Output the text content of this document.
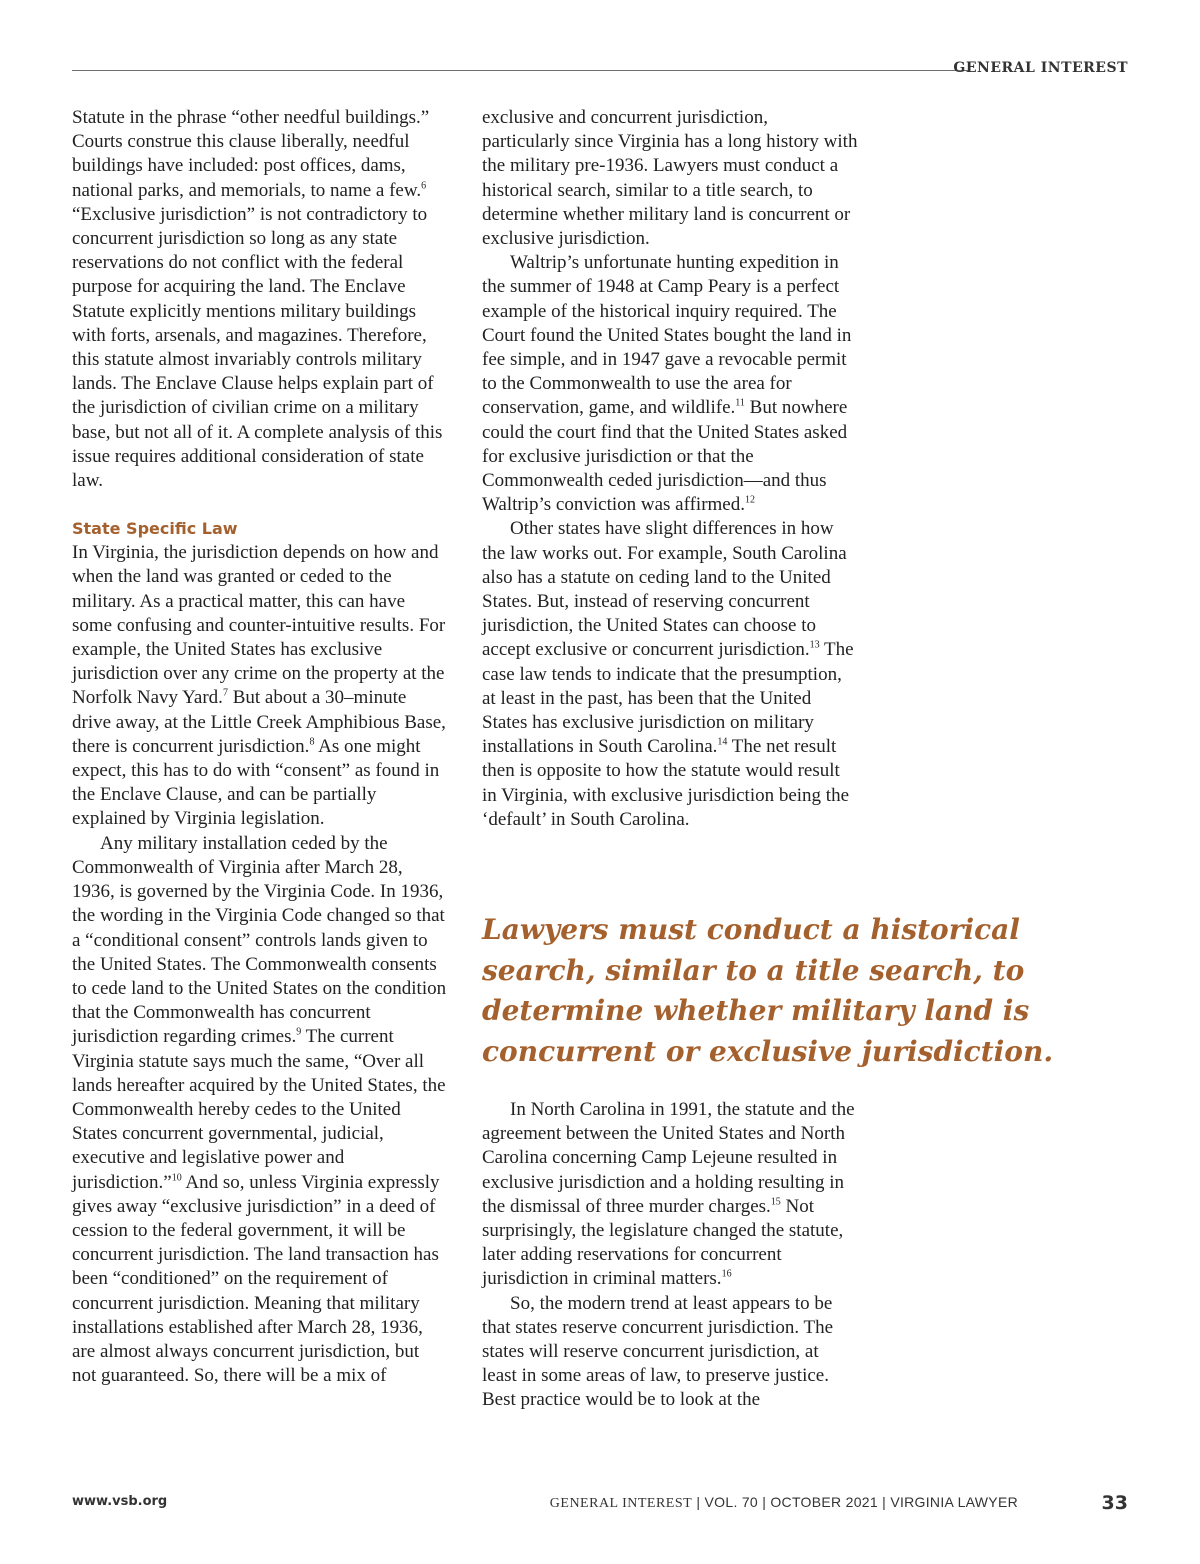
GENERAL INTEREST

Statute in the phrase “other needful buildings.” Courts construe this clause liberally, needful buildings have included: post offices, dams, national parks, and memorials, to name a few.$^6$ “Exclusive jurisdiction” is not contradictory to concurrent jurisdiction so long as any state reservations do not conflict with the federal purpose for acquiring the land. The Enclave Statute explicitly mentions military buildings with forts, arsenals, and magazines. Therefore, this statute almost invariably controls military lands. The Enclave Clause helps explain part of the jurisdiction of civilian crime on a military base, but not all of it. A complete analysis of this issue requires additional consideration of state law.

State Specific Law

In Virginia, the jurisdiction depends on how and when the land was granted or ceded to the military. As a practical matter, this can have some confusing and counter-intuitive results. For example, the United States has exclusive jurisdiction over any crime on the property at the Norfolk Navy Yard.$^7$ But about a 30–minute drive away, at the Little Creek Amphibious Base, there is concurrent jurisdiction.$^8$ As one might expect, this has to do with “consent” as found in the Enclave Clause, and can be partially explained by Virginia legislation.

Any military installation ceded by the Commonwealth of Virginia after March 28, 1936, is governed by the Virginia Code. In 1936, the wording in the Virginia Code changed so that a “conditional consent” controls lands given to the United States. The Commonwealth consents to cede land to the United States on the condition that the Commonwealth has concurrent jurisdiction regarding crimes.$^9$ The current Virginia statute says much the same, “Over all lands hereafter acquired by the United States, the Commonwealth hereby cedes to the United States concurrent governmental, judicial, executive and legislative power and jurisdiction.”$^{10}$ And so, unless Virginia expressly gives away “exclusive jurisdiction” in a deed of cession to the federal government, it will be concurrent jurisdiction. The land transaction has been “conditioned” on the requirement of concurrent jurisdiction. Meaning that military installations established after March 28, 1936, are almost always concurrent jurisdiction, but not guaranteed. So, there will be a mix of

exclusive and concurrent jurisdiction, particularly since Virginia has a long history with the military pre-1936. Lawyers must conduct a historical search, similar to a title search, to determine whether military land is concurrent or exclusive jurisdiction.

Waltrip’s unfortunate hunting expedition in the summer of 1948 at Camp Peary is a perfect example of the historical inquiry required. The Court found the United States bought the land in fee simple, and in 1947 gave a revocable permit to the Commonwealth to use the area for conservation, game, and wildlife.$^{11}$ But nowhere could the court find that the United States asked for exclusive jurisdiction or that the Commonwealth ceded jurisdiction—and thus Waltrip’s conviction was affirmed.$^{12}$

Other states have slight differences in how the law works out. For example, South Carolina also has a statute on ceding land to the United States. But, instead of reserving concurrent jurisdiction, the United States can choose to accept exclusive or concurrent jurisdiction.$^{13}$ The case law tends to indicate that the presumption, at least in the past, has been that the United States has exclusive jurisdiction on military installations in South Carolina.$^{14}$ The net result then is opposite to how the statute would result in Virginia, with exclusive jurisdiction being the ‘default’ in South Carolina.

Lawyers must conduct a historical search, similar to a title search, to determine whether military land is concurrent or exclusive jurisdiction.

In North Carolina in 1991, the statute and the agreement between the United States and North Carolina concerning Camp Lejeune resulted in exclusive jurisdiction and a holding resulting in the dismissal of three murder charges.$^{15}$ Not surprisingly, the legislature changed the statute, later adding reservations for concurrent jurisdiction in criminal matters.$^{16}$

So, the modern trend at least appears to be that states reserve concurrent jurisdiction. The states will reserve concurrent jurisdiction, at least in some areas of law, to preserve justice. Best practice would be to look at the

www.vsb.org	GENERAL INTEREST | VOL. 70 | OCTOBER 2021 | VIRGINIA LAWYER	33
